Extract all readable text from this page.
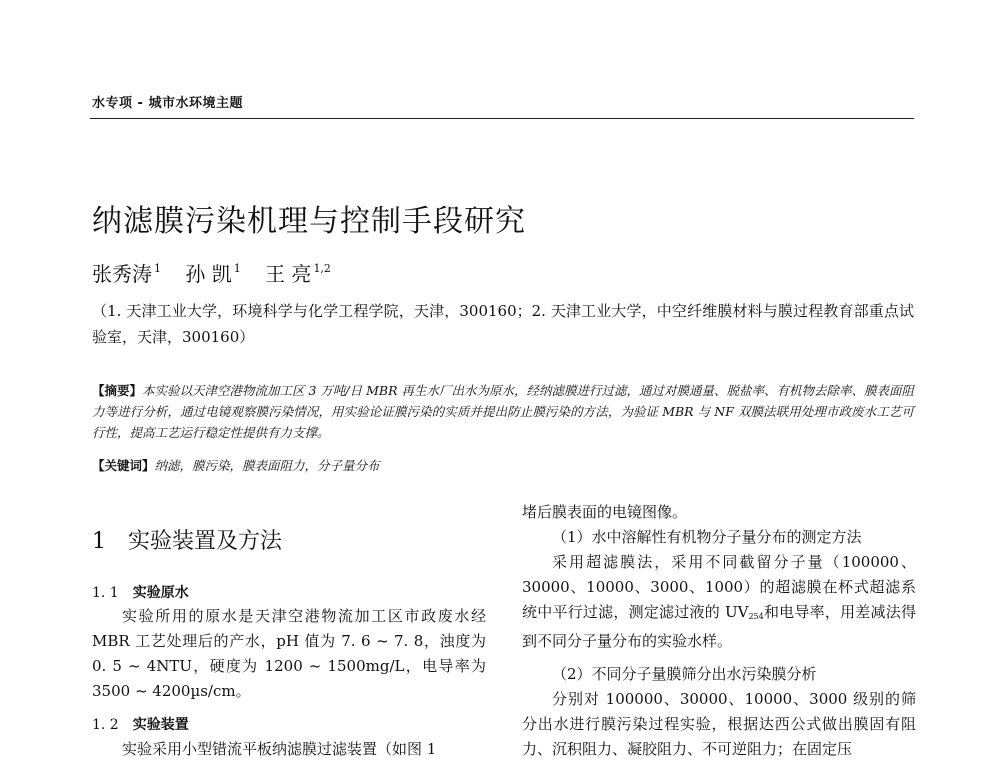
水专项 - 城市水环境主题
纳滤膜污染机理与控制手段研究
张秀涛 $^1$ 孙 凯 $^1$ 王 亮 $^{1,2}$
（1. 天津工业大学，环境科学与化学工程学院，天津，300160；2. 天津工业大学，中空纤维膜材料与膜过程教育部重点试验室，天津，300160）
【摘要】本实验以天津空港物流加工区 3 万吨/日 MBR 再生水厂出水为原水，经纳滤膜进行过滤，通过对膜通量、脱盐率、有机物去除率、膜表面阻力等进行分析，通过电镜观察膜污染情况，用实验论证膜污染的实质并提出防止膜污染的方法，为验证 MBR 与 NF 双膜法联用处理市政废水工艺可行性，提高工艺运行稳定性提供有力支撑。
【关键词】纳滤，膜污染，膜表面阻力，分子量分布
1 实验装置及方法
1. 1 实验原水
实验所用的原水是天津空港物流加工区市政废水经 MBR 工艺处理后的产水，pH 值为 7. 6 ~ 7. 8，浊度为 0. 5 ~ 4NTU，硬度为 1200 ~ 1500mg/L，电导率为 3500 ~ 4200µs/cm。
1. 2 实验装置
实验采用小型错流平板纳滤膜过滤装置（如图 1
堵后膜表面的电镜图像。
（1）水中溶解性有机物分子量分布的测定方法
采用超滤膜法，采用不同截留分子量（100000、30000、10000、3000、1000）的超滤膜在杯式超滤系统中平行过滤，测定滤过液的 $UV_{254}$和电导率，用差减法得到不同分子量分布的实验水样。
（2）不同分子量膜筛分出水污染膜分析
分别对 100000、30000、10000、3000 级别的筛分出水进行膜污染过程实验，根据达西公式做出膜固有阻力、沉积阻力、凝胶阻力、不可逆阻力；在固定压
